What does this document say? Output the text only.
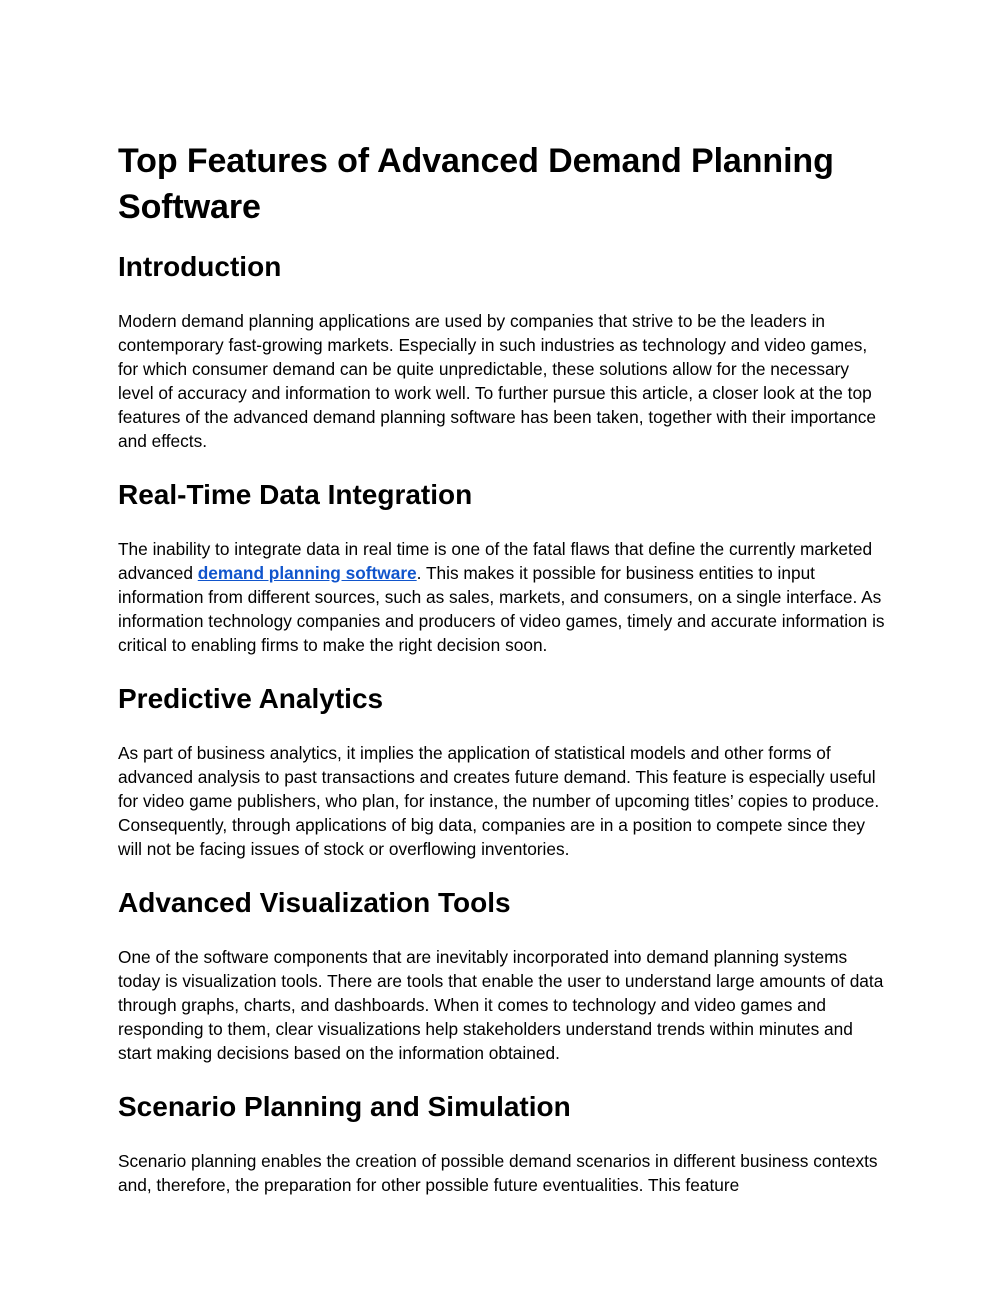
Top Features of Advanced Demand Planning Software
Introduction

Modern demand planning applications are used by companies that strive to be the leaders in contemporary fast-growing markets. Especially in such industries as technology and video games, for which consumer demand can be quite unpredictable, these solutions allow for the necessary level of accuracy and information to work well. To further pursue this article, a closer look at the top features of the advanced demand planning software has been taken, together with their importance and effects.

Real-Time Data Integration

The inability to integrate data in real time is one of the fatal flaws that define the currently marketed advanced demand planning software. This makes it possible for business entities to input information from different sources, such as sales, markets, and consumers, on a single interface. As information technology companies and producers of video games, timely and accurate information is critical to enabling firms to make the right decision soon.

Predictive Analytics

As part of business analytics, it implies the application of statistical models and other forms of advanced analysis to past transactions and creates future demand. This feature is especially useful for video game publishers, who plan, for instance, the number of upcoming titles’ copies to produce. Consequently, through applications of big data, companies are in a position to compete since they will not be facing issues of stock or overflowing inventories.

Advanced Visualization Tools

One of the software components that are inevitably incorporated into demand planning systems today is visualization tools. There are tools that enable the user to understand large amounts of data through graphs, charts, and dashboards. When it comes to technology and video games and responding to them, clear visualizations help stakeholders understand trends within minutes and start making decisions based on the information obtained.

Scenario Planning and Simulation

Scenario planning enables the creation of possible demand scenarios in different business contexts and, therefore, the preparation for other possible future eventualities. This feature
